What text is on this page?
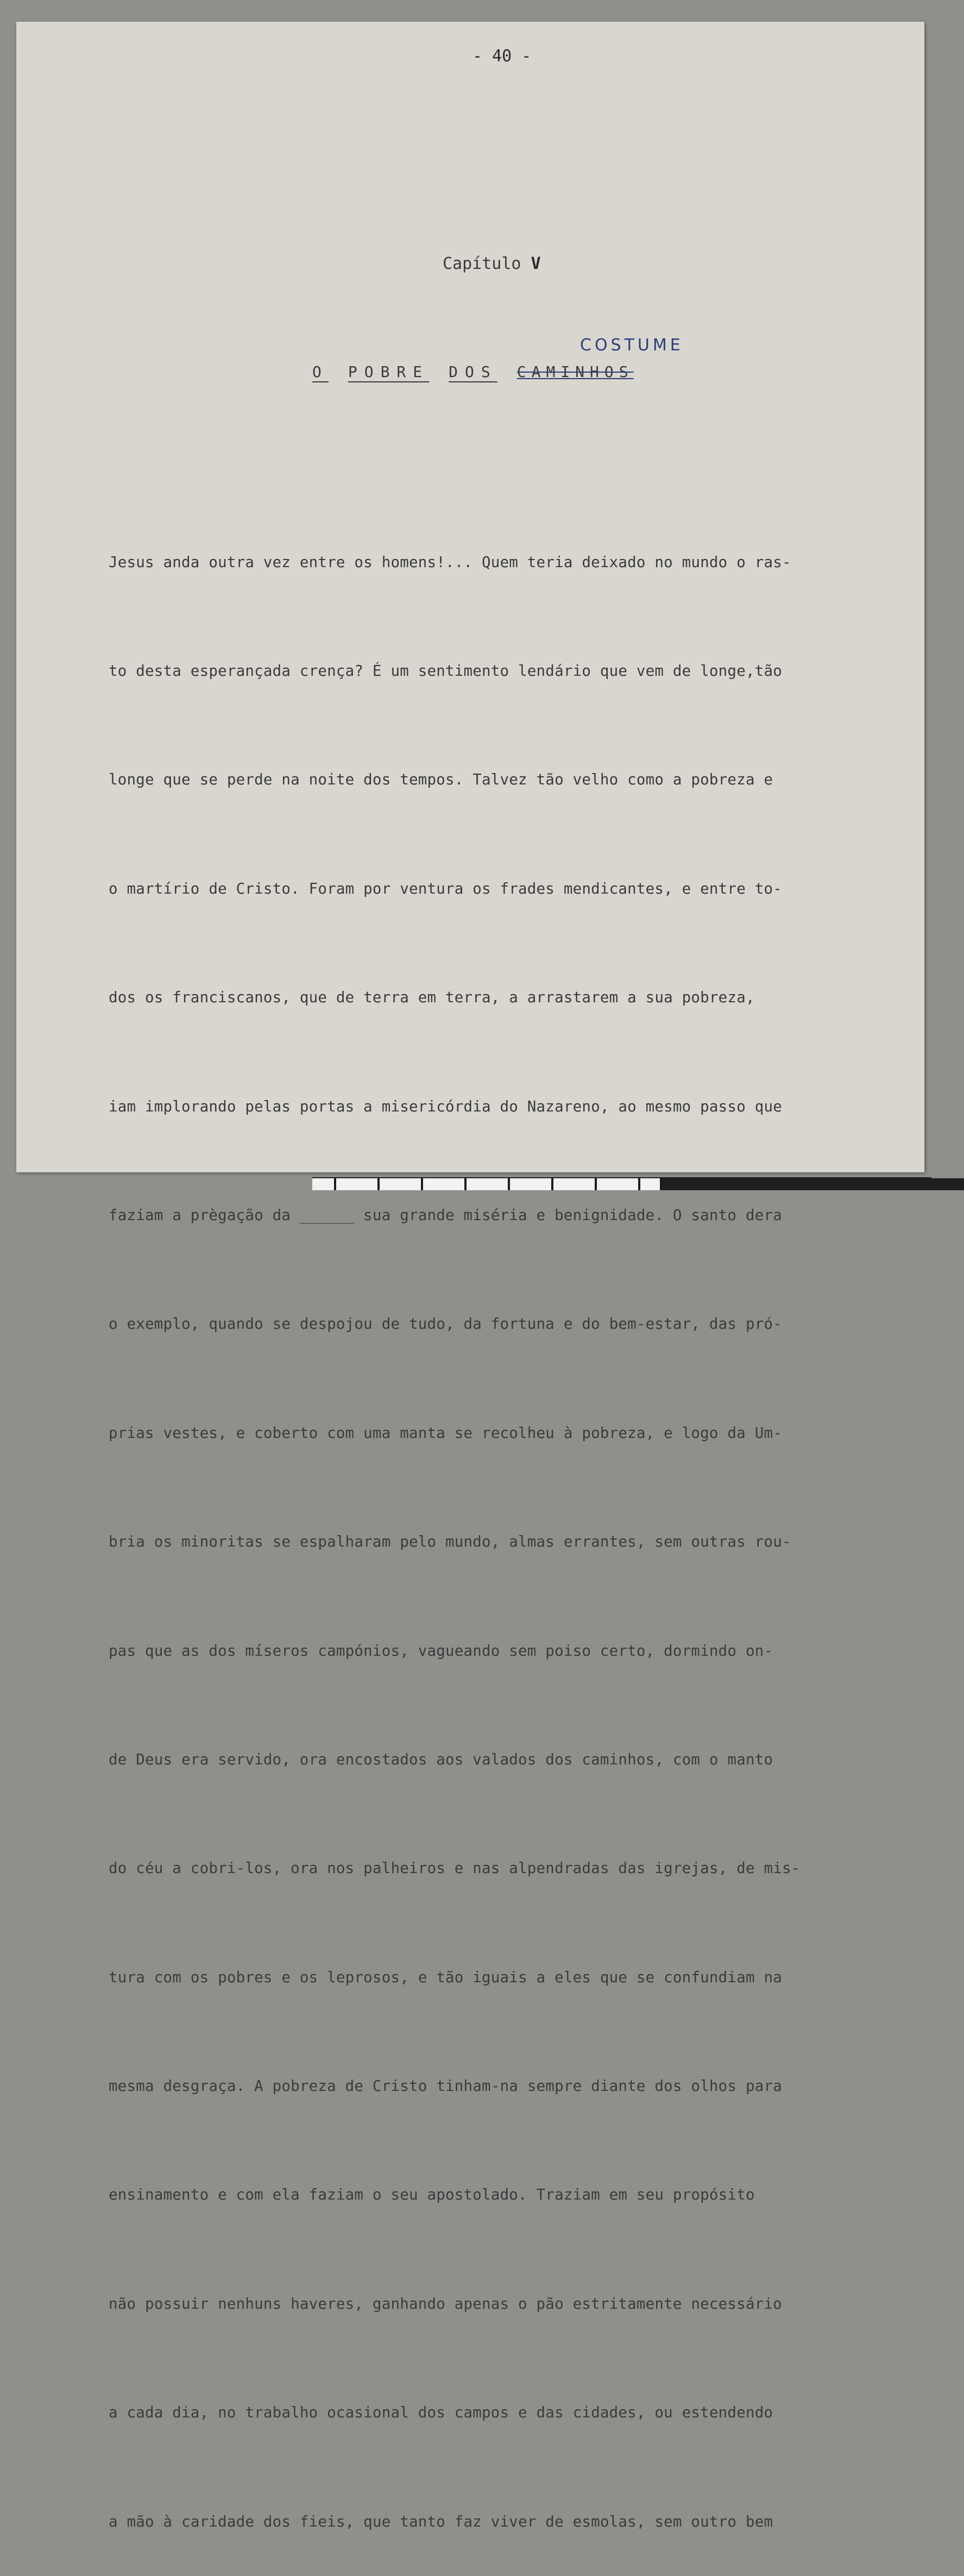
- 40 -
Capítulo V
COSTUME
O POBRE DOS CAMINHOS

Jesus anda outra vez entre os homens!... Quem teria deixado no mundo o ras-

to desta esperançada crença? É um sentimento lendário que vem de longe,tão

longe que se perde na noite dos tempos. Talvez tão velho como a pobreza e

o martírio de Cristo. Foram por ventura os frades mendicantes, e entre to-

dos os franciscanos, que de terra em terra, a arrastarem a sua pobreza,

iam implorando pelas portas a misericórdia do Nazareno, ao mesmo passo que

faziam a prègação da ______ sua grande miséria e benignidade. O santo dera

o exemplo, quando se despojou de tudo, da fortuna e do bem-estar, das pró-

prias vestes, e coberto com uma manta se recolheu à pobreza, e logo da Um-

bria os minoritas se espalharam pelo mundo, almas errantes, sem outras rou-

pas que as dos míseros campónios, vagueando sem poiso certo, dormindo on-

de Deus era servido, ora encostados aos valados dos caminhos, com o manto

do céu a cobri-los, ora nos palheiros e nas alpendradas das igrejas, de mis-

tura com os pobres e os leprosos, e tão iguais a eles que se confundiam na

mesma desgraça. A pobreza de Cristo tinham-na sempre diante dos olhos para

ensinamento e com ela faziam o seu apostolado. Traziam em seu propósito

não possuir nenhuns haveres, ganhando apenas o pão estritamente necessário

a cada dia, no trabalho ocasional dos campos e das cidades, ou estendendo

a mão à caridade dos fieis, que tanto faz viver de esmolas, sem outro bem
